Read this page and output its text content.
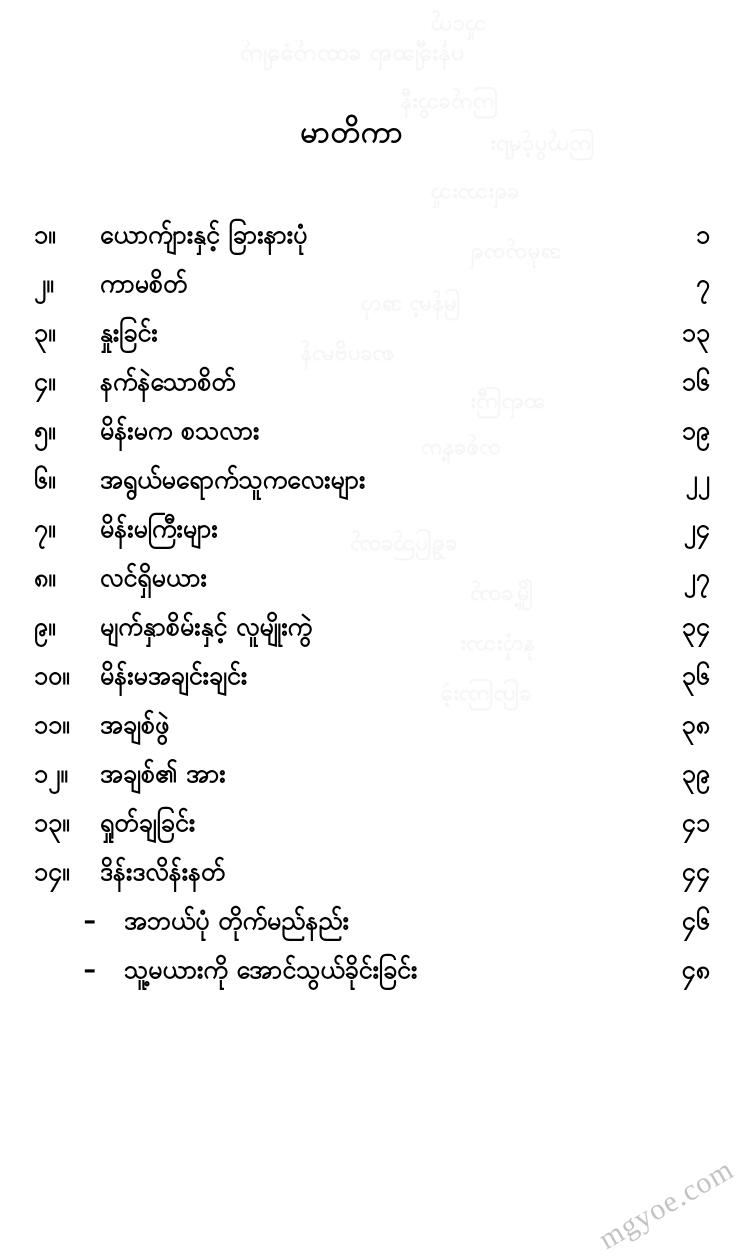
သူငယ်
ပန်းချီဆရာ ထောက်ခံချက်
ကြက်သွေးနီ
ကြယ်ပွင့်များ
ရေးသားသူ
အမှတ်တရ
မြန်မာ့ အလှ
စာပေဗိမာန်
ဆရာကြီး
တစ်နေ့က
ရွှေပြည်တော်
မြို့တော်
နှလုံးသား
ပြောကြားခဲ့
မာတိကာ
၁။	ယောက်ျားနှင့် ခြားနားပုံ	၁
၂။	ကာမစိတ်	၇
၃။	နှုးခြင်း	၁၃
၄။	နက်နဲသောစိတ်	၁၆
၅။	မိန်းမက စသလား	၁၉
၆။	အရွယ်မရောက်သူကလေးများ	၂၂
၇။	မိန်းမကြီးများ	၂၄
၈။	လင်ရှိမယား	၂၇
၉။	မျက်နှာစိမ်းနှင့် လူမျိုးကွဲ	၃၄
၁၀။	မိန်းမအချင်းချင်း	၃၆
၁၁။	အချစ်ဖွဲ	၃၈
၁၂။	အချစ်၏ အား	၃၉
၁၃။	ရှုတ်ချခြင်း	၄၁
၁၄။	ဒိန်းဒလိန်းနတ်	၄၄
–	အဘယ်ပုံ တိုက်မည်နည်း	၄၆
–	သူ့မယားကို အောင်သွယ်ခိုင်းခြင်း	၄၈
mgyoe.com
